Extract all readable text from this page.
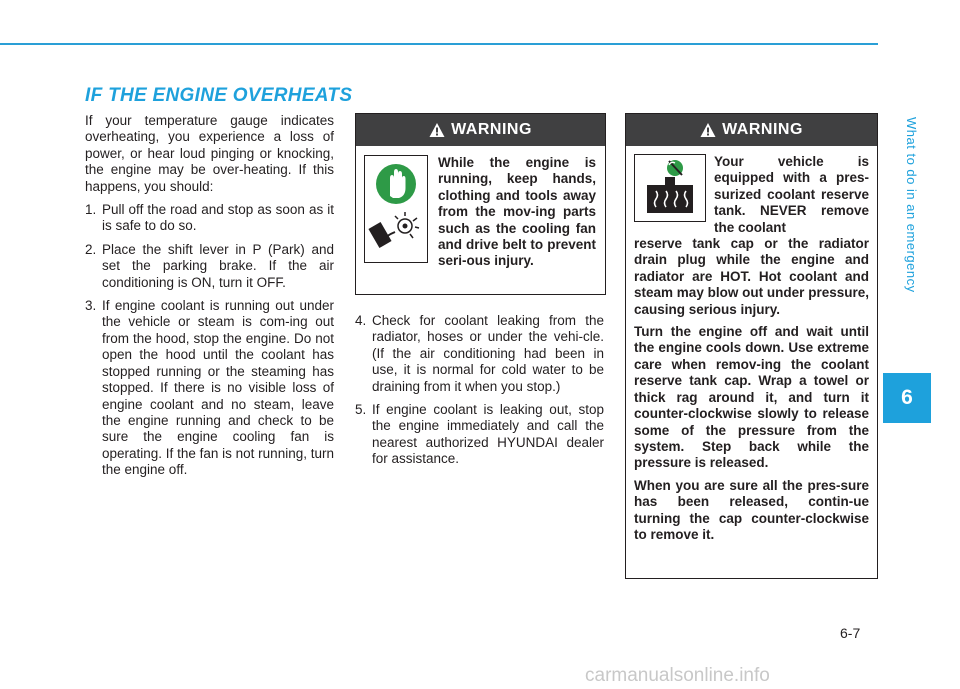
IF THE ENGINE OVERHEATS
What to do in an emergency
6
6-7

If your temperature gauge indicates overheating, you experience a loss of power, or hear loud pinging or knocking, the engine may be over-heating. If this happens, you should:

1. Pull off the road and stop as soon as it is safe to do so.
2. Place the shift lever in P (Park) and set the parking brake. If the air conditioning is ON, turn it OFF.
3. If engine coolant is running out under the vehicle or steam is com-ing out from the hood, stop the engine. Do not open the hood until the coolant has stopped running or the steaming has stopped. If there is no visible loss of engine coolant and no steam, leave the engine running and check to be sure the engine cooling fan is operating. If the fan is not running, turn the engine off.
WARNING
While the engine is running, keep hands, clothing and tools away from the mov-ing parts such as the cooling fan and drive belt to prevent seri-ous injury.
4. Check for coolant leaking from the radiator, hoses or under the vehi-cle. (If the air conditioning had been in use, it is normal for cold water to be draining from it when you stop.)
5. If engine coolant is leaking out, stop the engine immediately and call the nearest authorized HYUNDAI dealer for assistance.
WARNING
Your vehicle is equipped with a pres-surized coolant reserve tank. NEVER remove the coolant
reserve tank cap or the radiator drain plug while the engine and radiator are HOT. Hot coolant and steam may blow out under pressure, causing serious injury.

Turn the engine off and wait until the engine cools down. Use extreme care when remov-ing the coolant reserve tank cap. Wrap a towel or thick rag around it, and turn it counter-clockwise slowly to release some of the pressure from the system. Step back while the pressure is released.

When you are sure all the pres-sure has been released, contin-ue turning the cap counter-clockwise to remove it.

carmanualsonline.info
